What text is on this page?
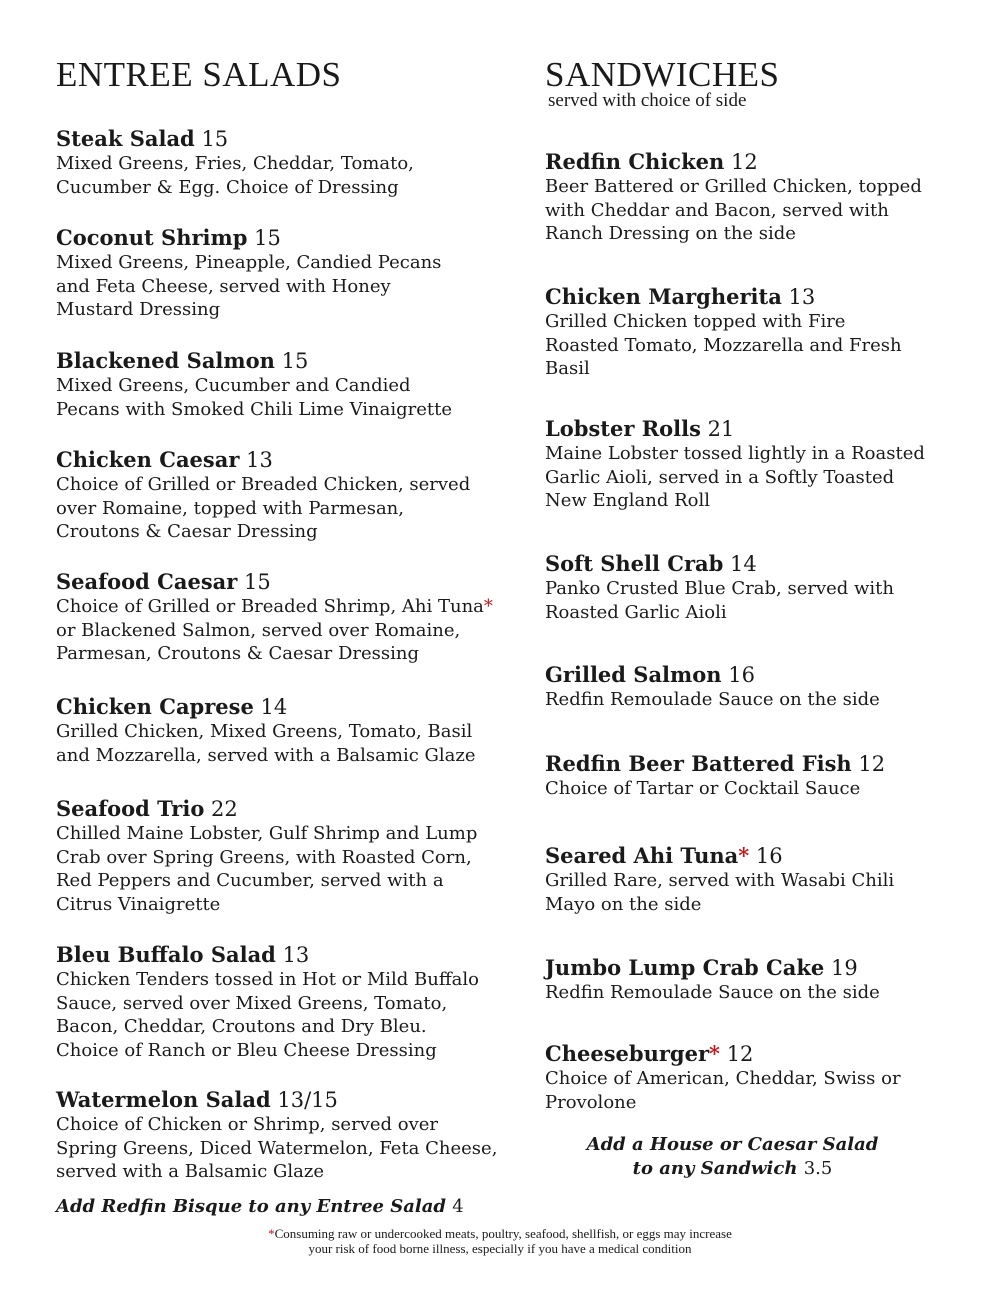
ENTREE SALADS
Steak Salad 15
Mixed Greens, Fries, Cheddar, Tomato,
Cucumber & Egg. Choice of Dressing
Coconut Shrimp 15
Mixed Greens, Pineapple, Candied Pecans
and Feta Cheese, served with Honey
Mustard Dressing
Blackened Salmon 15
Mixed Greens, Cucumber and Candied
Pecans with Smoked Chili Lime Vinaigrette
Chicken Caesar 13
Choice of Grilled or Breaded Chicken, served
over Romaine, topped with Parmesan,
Croutons & Caesar Dressing
Seafood Caesar 15
Choice of Grilled or Breaded Shrimp, Ahi Tuna*
or Blackened Salmon, served over Romaine,
Parmesan, Croutons & Caesar Dressing
Chicken Caprese 14
Grilled Chicken, Mixed Greens, Tomato, Basil
and Mozzarella, served with a Balsamic Glaze
Seafood Trio 22
Chilled Maine Lobster, Gulf Shrimp and Lump
Crab over Spring Greens, with Roasted Corn,
Red Peppers and Cucumber, served with a
Citrus Vinaigrette
Bleu Buffalo Salad 13
Chicken Tenders tossed in Hot or Mild Buffalo
Sauce, served over Mixed Greens, Tomato,
Bacon, Cheddar, Croutons and Dry Bleu.
Choice of Ranch or Bleu Cheese Dressing
Watermelon Salad 13/15
Choice of Chicken or Shrimp, served over
Spring Greens, Diced Watermelon, Feta Cheese,
served with a Balsamic Glaze
Add Redfin Bisque to any Entree Salad 4
SANDWICHES
served with choice of side
Redfin Chicken 12
Beer Battered or Grilled Chicken, topped
with Cheddar and Bacon, served with
Ranch Dressing on the side
Chicken Margherita 13
Grilled Chicken topped with Fire
Roasted Tomato, Mozzarella and Fresh
Basil
Lobster Rolls 21
Maine Lobster tossed lightly in a Roasted
Garlic Aioli, served in a Softly Toasted
New England Roll
Soft Shell Crab 14
Panko Crusted Blue Crab, served with
Roasted Garlic Aioli
Grilled Salmon 16
Redfin Remoulade Sauce on the side
Redfin Beer Battered Fish 12
Choice of Tartar or Cocktail Sauce
Seared Ahi Tuna* 16
Grilled Rare, served with Wasabi Chili
Mayo on the side
Jumbo Lump Crab Cake 19
Redfin Remoulade Sauce on the side
Cheeseburger* 12
Choice of American, Cheddar, Swiss or
Provolone
Add a House or Caesar Salad
to any Sandwich 3.5
*Consuming raw or undercooked meats, poultry, seafood, shellfish, or eggs may increase
your risk of food borne illness, especially if you have a medical condition
